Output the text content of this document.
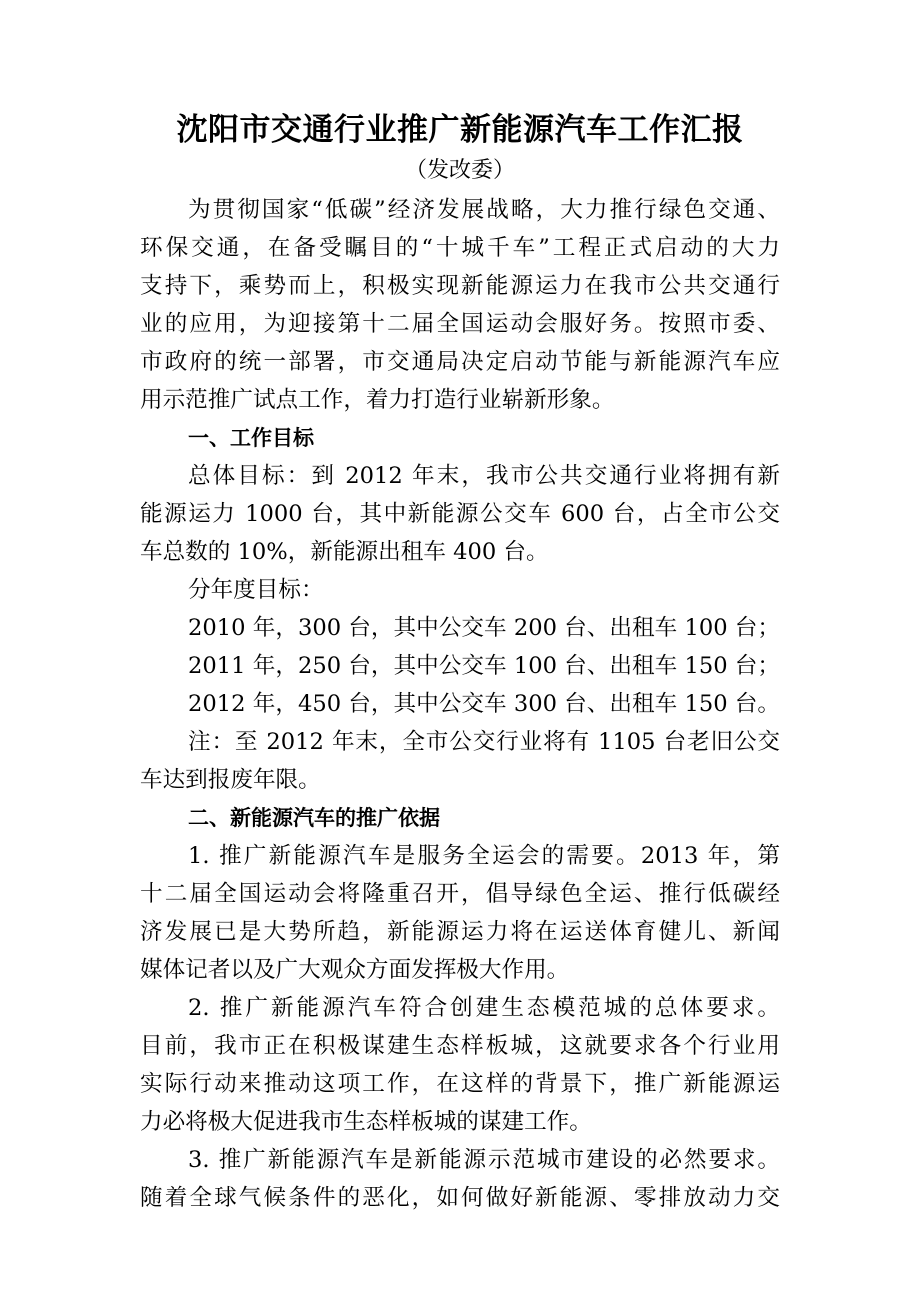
沈阳市交通行业推广新能源汽车工作汇报
（发改委）
为贯彻国家“低碳”经济发展战略，大力推行绿色交通、
环保交通，在备受瞩目的“十城千车”工程正式启动的大力
支持下，乘势而上，积极实现新能源运力在我市公共交通行
业的应用，为迎接第十二届全国运动会服好务。按照市委、
市政府的统一部署，市交通局决定启动节能与新能源汽车应
用示范推广试点工作，着力打造行业崭新形象。
一、工作目标
总体目标：到 2012 年末，我市公共交通行业将拥有新
能源运力 1000 台，其中新能源公交车 600 台，占全市公交
车总数的 10%，新能源出租车 400 台。
分年度目标：
2010 年，300 台，其中公交车 200 台、出租车 100 台；
2011 年，250 台，其中公交车 100 台、出租车 150 台；
2012 年，450 台，其中公交车 300 台、出租车 150 台。
注：至 2012 年末，全市公交行业将有 1105 台老旧公交
车达到报废年限。
二、新能源汽车的推广依据
1. 推广新能源汽车是服务全运会的需要。2013 年，第
十二届全国运动会将隆重召开，倡导绿色全运、推行低碳经
济发展已是大势所趋，新能源运力将在运送体育健儿、新闻
媒体记者以及广大观众方面发挥极大作用。
2. 推广新能源汽车符合创建生态模范城的总体要求。
目前，我市正在积极谋建生态样板城，这就要求各个行业用
实际行动来推动这项工作，在这样的背景下，推广新能源运
力必将极大促进我市生态样板城的谋建工作。
3. 推广新能源汽车是新能源示范城市建设的必然要求。
随着全球气候条件的恶化，如何做好新能源、零排放动力交
